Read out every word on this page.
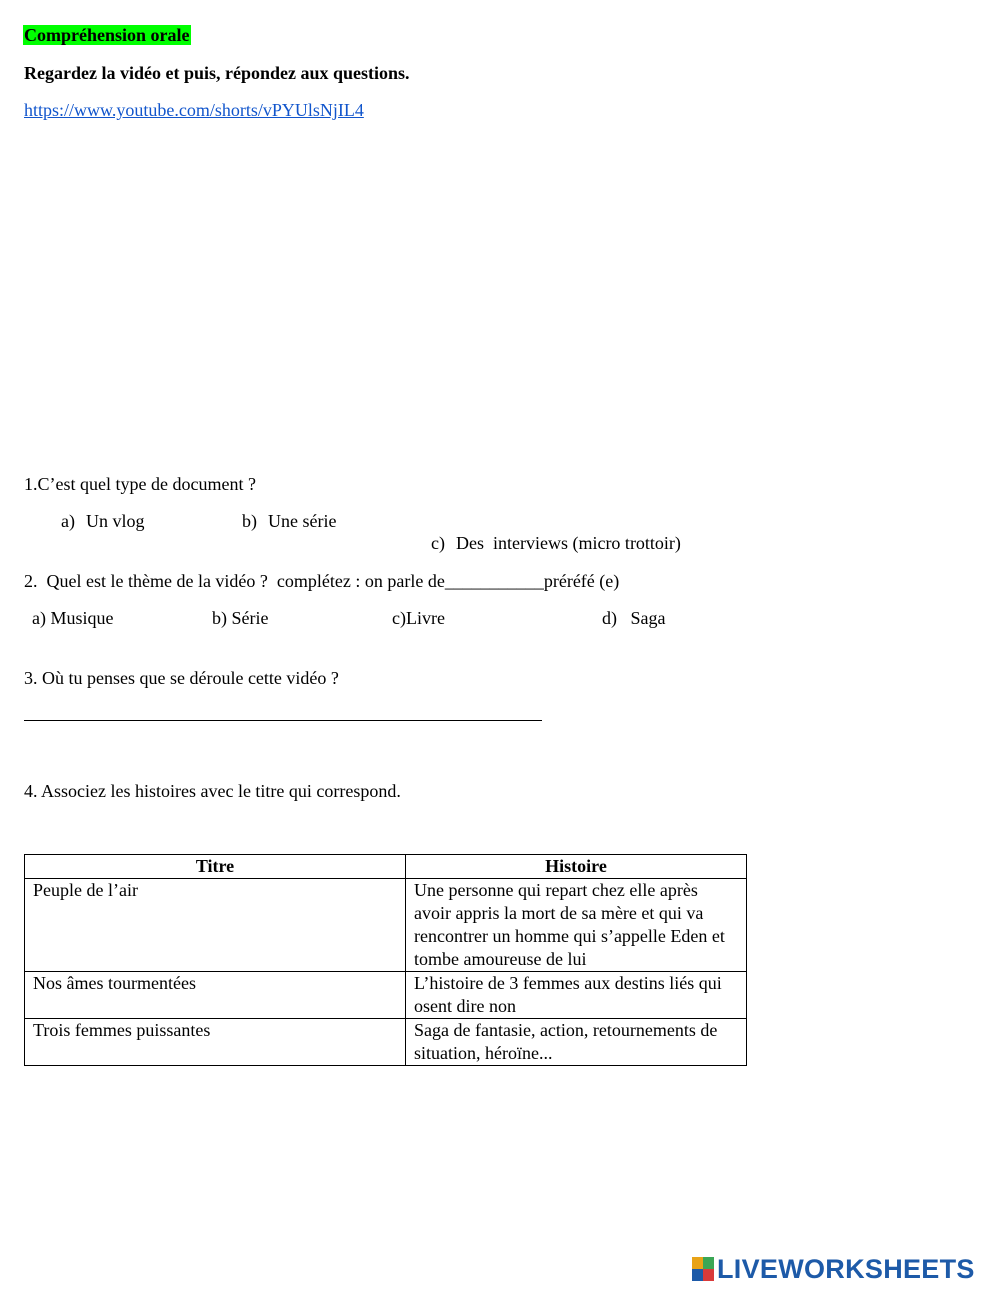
Compréhension orale
Regardez la vidéo et puis, répondez aux questions.
https://www.youtube.com/shorts/vPYUlsNjIL4
1.C’est quel type de document ?
a) Un vlog	b) Une série

c) Des  interviews (micro trottoir)

2.  Quel est le thème de la vidéo ?  complétez : on parle de___________préréfé (e)
a) Musique	b) Série	c)Livre	d)   Saga
3. Où tu penses que se déroule cette vidéo ?
4. Associez les histoires avec le titre qui correspond.
Titre	Histoire
Peuple de l’air	Une personne qui repart chez elle après avoir appris la mort de sa mère et qui va rencontrer un homme qui s’appelle Eden et tombe amoureuse de lui
Nos âmes tourmentées	L’histoire de 3 femmes aux destins liés qui osent dire non
Trois femmes puissantes	Saga de fantasie, action, retournements de situation, héroïne...
LIVEWORKSHEETS
